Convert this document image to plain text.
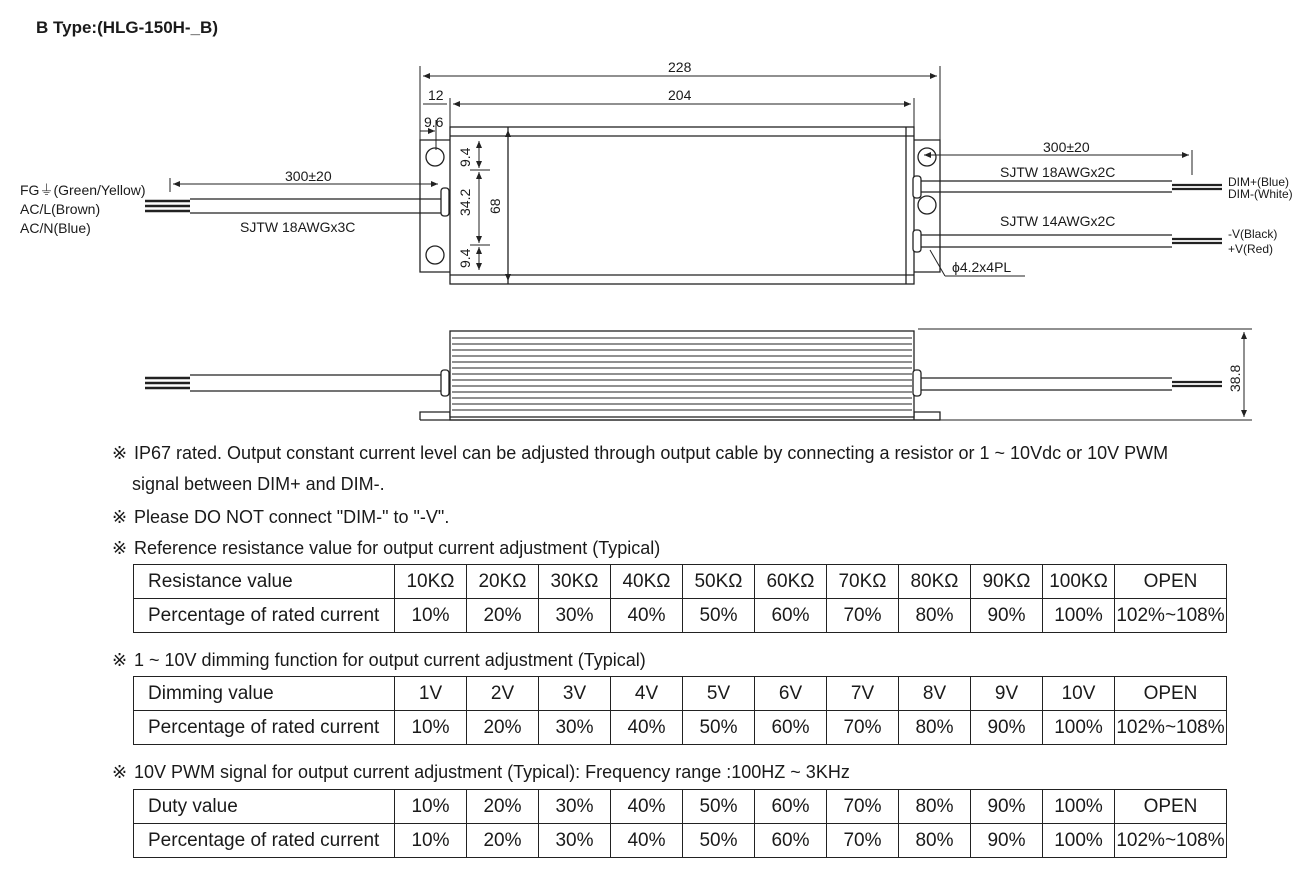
B Type:(HLG-150H-_B)
228
204
12
9.6
300±20
300±20
9.4
34.2
9.4
68
ϕ4.2x4PL
SJTW 18AWGx3C
SJTW 18AWGx2C
SJTW 14AWGx2C
FG⏚(Green/Yellow)
AC/L(Brown)
AC/N(Blue)
DIM+(Blue)
DIM-(White)
-V(Black)
+V(Red)
38.8
※ IP67 rated. Output constant current level can be adjusted through output cable by connecting a resistor or 1 ~ 10Vdc or 10V PWM
signal between DIM+ and DIM-.
※ Please DO NOT connect "DIM-" to "-V".
※ Reference resistance value for output current adjustment (Typical)
Resistance value	10KΩ	20KΩ	30KΩ	40KΩ	50KΩ	60KΩ	70KΩ	80KΩ	90KΩ	100KΩ	OPEN
Percentage of rated current	10%	20%	30%	40%	50%	60%	70%	80%	90%	100%	102%~108%
※ 1 ~ 10V dimming function for output current adjustment (Typical)
Dimming value	1V	2V	3V	4V	5V	6V	7V	8V	9V	10V	OPEN
Percentage of rated current	10%	20%	30%	40%	50%	60%	70%	80%	90%	100%	102%~108%
※ 10V PWM signal for output current adjustment (Typical): Frequency range :100HZ ~ 3KHz
Duty value	10%	20%	30%	40%	50%	60%	70%	80%	90%	100%	OPEN
Percentage of rated current	10%	20%	30%	40%	50%	60%	70%	80%	90%	100%	102%~108%
